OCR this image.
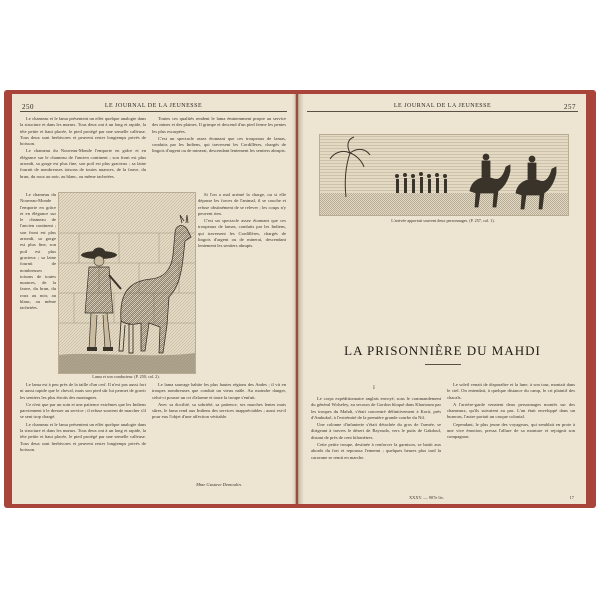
250	LE JOURNAL DE LA JEUNESSE

Le chameau et le lama présentent un effet quelque analogie dans la structure et dans les mœurs. Tous deux ont à un long et rapide, la tête petite et haut placée, le pied protégé par une semelle calleuse. Tous deux sont herbivores et peuvent rester longtemps privés de boisson.

Le chameau du Nouveau-Monde l'emporte en grâce et en élégance sur le chameau de l'ancien continent ; son front est plus arrondi, sa gorge est plus fine, son poil est plus gracieux ; sa laine fournit de nombreuses toisons de toutes nuances, de la fauve, du brun, du roux au noir, au blanc, ou même tachetées.

Le chameau du Nouveau-Monde l'emporte en grâce et en élégance sur le chameau de l'ancien continent ; son front est plus arrondi, sa gorge est plus fine, son poil est plus gracieux ; sa laine fournit de nombreuses toisons de toutes nuances, de la fauve, du brun, du roux au noir, au blanc, ou même tachetées.

Lama et son conducteur. (P. 250, col. 2).

Le lama est à peu près de la taille d'un cerf. Il n'est pas aussi fort ni aussi rapide que le cheval, mais son pied sûr lui permet de gravir les sentiers les plus étroits des montagnes.

Ce n'est que par un soin et une patience extrêmes que les Indiens parviennent à le dresser au service ; il refuse souvent de marcher s'il se sent trop chargé.

Le chameau et le lama présentent un effet quelque analogie dans la structure et dans les mœurs. Tous deux ont à un long et rapide, la tête petite et haut placée, le pied protégé par une semelle calleuse. Tous deux sont herbivores et peuvent rester longtemps privés de boisson.

Toutes ces qualités rendent le lama éminemment propre au service des mines et des plaines. Il grimpe et descend d'un pied ferme les pentes les plus escarpées.

C'est un spectacle assez étonnant que ces troupeaux de lamas, conduits par les Indiens, qui traversent les Cordillères, chargés de lingots d'argent ou de minerai, descendant lentement les sentiers abrupts.

Si l'on a mal arrimé la charge, ou si elle dépasse les forces de l'animal, il se couche et refuse obstinément de se relever ; les coups n'y peuvent rien.

C'est un spectacle assez étonnant que ces troupeaux de lamas, conduits par les Indiens, qui traversent les Cordillères, chargés de lingots d'argent ou de minerai, descendant lentement les sentiers abrupts.

Le lama sauvage habite les plus hautes régions des Andes ; il vit en troupes nombreuses que conduit un vieux mâle. Au moindre danger, celui-ci pousse un cri d'alarme et toute la troupe s'enfuit.

Avec sa docilité, sa sobriété, sa patience, ses marches lentes mais sûres, le lama rend aux Indiens des services inappréciables ; aussi est-il pour eux l'objet d'une affection véritable.

Mme Gustave Demoulin.
LE JOURNAL DE LA JEUNESSE	257
L'arrivée apportait souvent deux personnages. (P. 257, col. 1).
LA PRISONNIÈRE DU MAHDI
I

Le corps expéditionnaire anglais envoyé, sous le commandement du général Wolseley, au secours de Gordon bloqué dans Khartoum par les troupes du Mahdi, s'était concentré définitivement à Korti, près d'Ambukol, à l'extrémité de la première grande courbe du Nil.

Une colonne d'infanterie s'était détachée du gros de l'armée, se dirigeant à travers le désert de Bayouda, vers le puits de Gakdoul, distant de près de cent kilomètres.

Cette petite troupe, destinée à renforcer la garnison, se battit aux abords du fort et repoussa l'ennemi ; quelques heures plus tard la caravane se remit en marche.

Le soleil venait de disparaître et la lune, à son tour, montait dans le ciel. On entendait, à quelque distance du camp, le cri plaintif des chacals.

A l'arrière-garde venaient deux personnages montés sur des chameaux, qu'ils suivaient au pas. L'un était enveloppé dans un burnous, l'autre portait un casque colonial.

Cependant, le plus jeune des voyageurs, qui semblait en proie à une vive émotion, pressa l'allure de sa monture et rejoignit son compagnon.

XXXV. — 907e liv.	17
